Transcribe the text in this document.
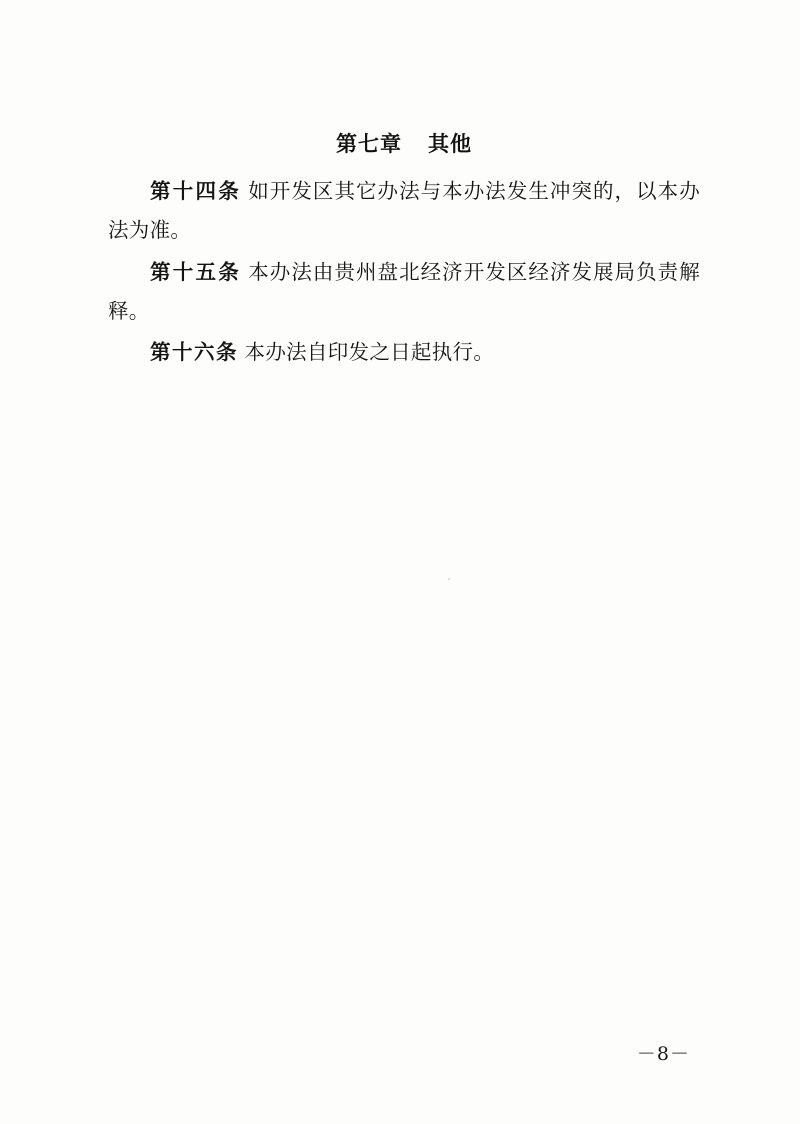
第七章 其他

第十四条 如开发区其它办法与本办法发生冲突的，以本办法为准。

第十五条 本办法由贵州盘北经济开发区经济发展局负责解释。

第十六条 本办法自印发之日起执行。

－8－
